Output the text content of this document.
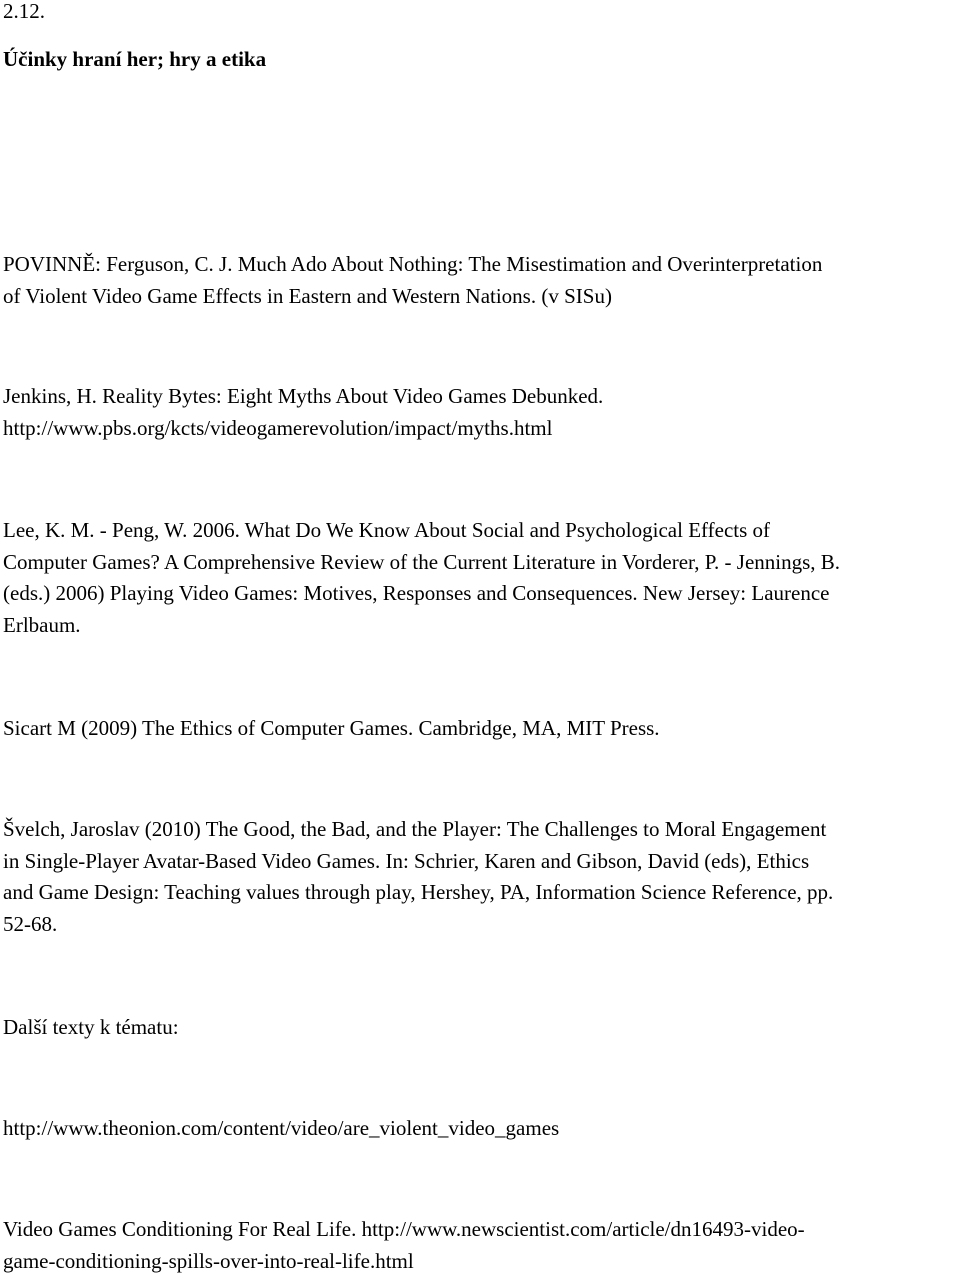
2.12.

Účinky hraní her; hry a etika

POVINNĚ: Ferguson, C. J. Much Ado About Nothing: The Misestimation and Overinterpretation
of Violent Video Game Effects in Eastern and Western Nations. (v SISu)

Jenkins, H. Reality Bytes: Eight Myths About Video Games Debunked.
http://www.pbs.org/kcts/videogamerevolution/impact/myths.html

Lee, K. M. - Peng, W. 2006. What Do We Know About Social and Psychological Effects of
Computer Games? A Comprehensive Review of the Current Literature in Vorderer, P. - Jennings, B.
(eds.) 2006) Playing Video Games: Motives, Responses and Consequences. New Jersey: Laurence
Erlbaum.

Sicart M (2009) The Ethics of Computer Games. Cambridge, MA, MIT Press.

Švelch, Jaroslav (2010) The Good, the Bad, and the Player: The Challenges to Moral Engagement
in Single-Player Avatar-Based Video Games. In: Schrier, Karen and Gibson, David (eds), Ethics
and Game Design: Teaching values through play, Hershey, PA, Information Science Reference, pp.
52-68.

Další texty k tématu:

http://www.theonion.com/content/video/are_violent_video_games

Video Games Conditioning For Real Life. http://www.newscientist.com/article/dn16493-video-
game-conditioning-spills-over-into-real-life.html
